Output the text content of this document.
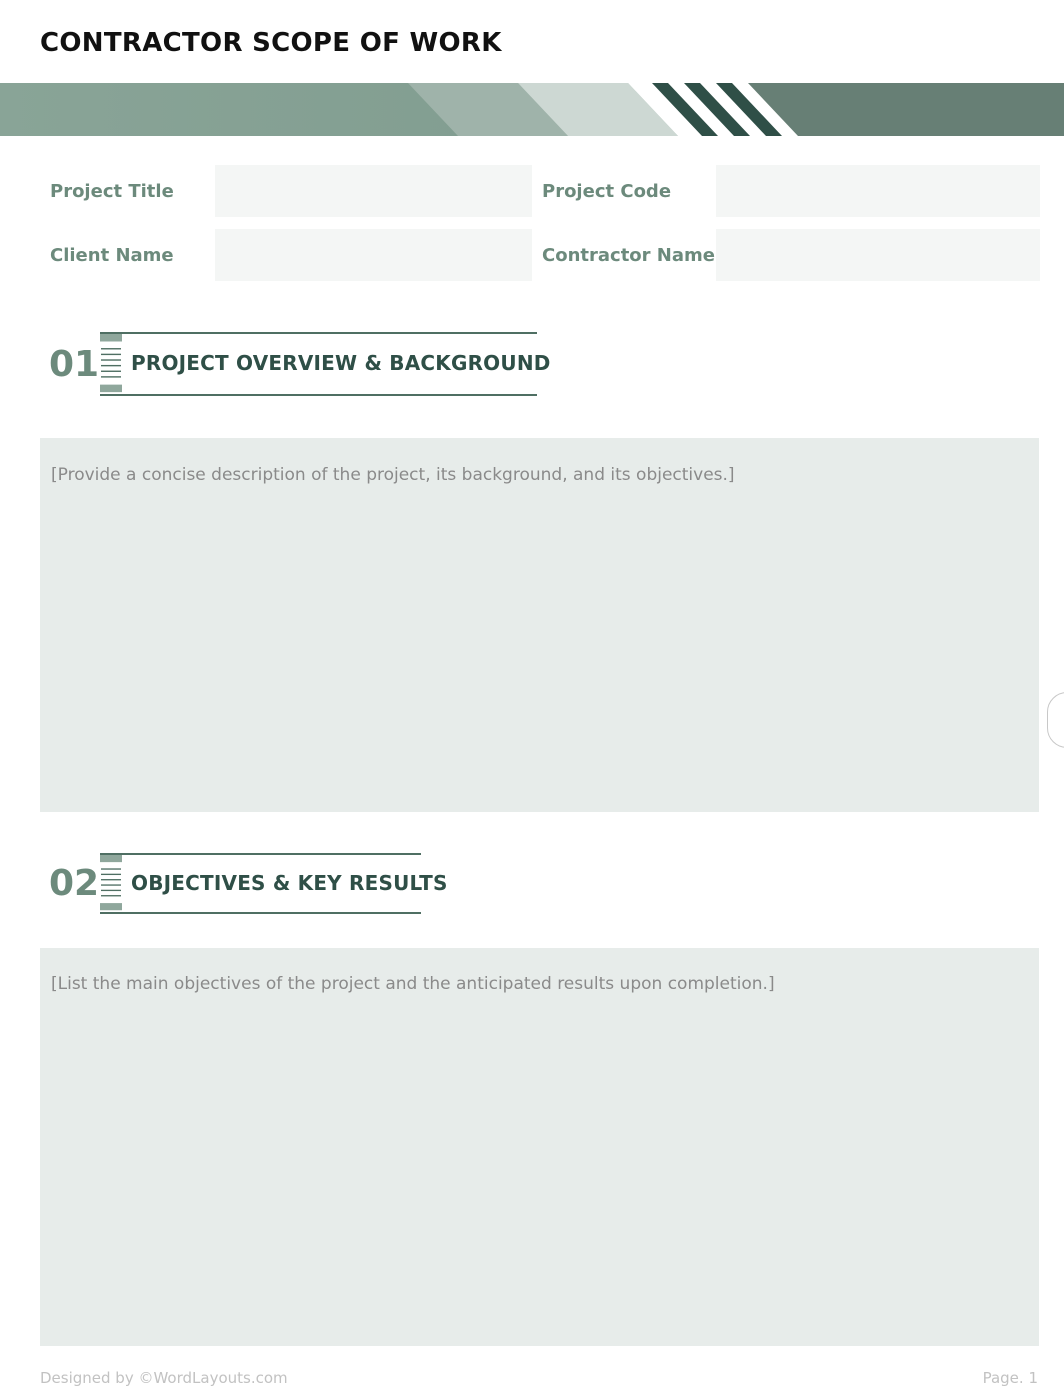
CONTRACTOR SCOPE OF WORK
Project Title	Project Code
Client Name	Contractor Name
01 PROJECT OVERVIEW & BACKGROUND
[Provide a concise description of the project, its background, and its objectives.]
02 OBJECTIVES & KEY RESULTS
[List the main objectives of the project and the anticipated results upon completion.]
Designed by ©WordLayouts.com	Page. 1
